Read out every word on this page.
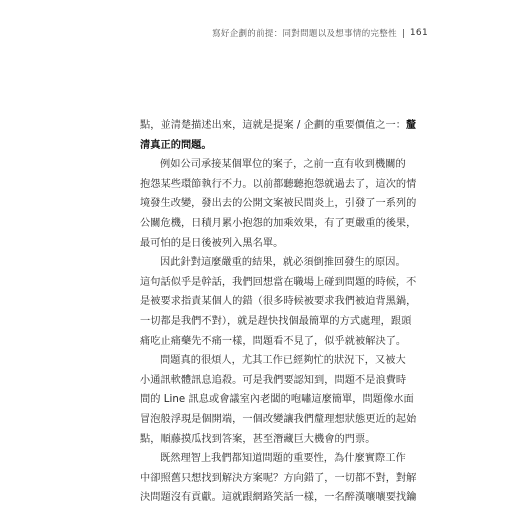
寫好企劃的前提：同對問題以及想事情的完整性 161

點，並清楚描述出來，這就是提案 / 企劃的重要價值之一：釐
清真正的問題。

例如公司承接某個單位的案子，之前一直有收到機關的
抱怨某些環節執行不力。以前都聽聽抱怨就過去了，這次的情
境發生改變，發出去的公開文案被民間炎上，引發了一系列的
公關危機，日積月累小抱怨的加乘效果，有了更嚴重的後果，
最可怕的是日後被列入黑名單。

因此針對這麼嚴重的結果，就必須倒推回發生的原因。
這句話似乎是幹話，我們回想當在職場上碰到問題的時候，不
是被要求指責某個人的錯（很多時候被要求我們被迫背黑鍋，
一切都是我們不對），就是趕快找個最簡單的方式處理，跟頭
痛吃止痛藥先不痛一樣，問題看不見了，似乎就被解決了。

問題真的很煩人，尤其工作已經夠忙的狀況下，又被大
小通訊軟體訊息追殺。可是我們要認知到，問題不是浪費時
間的 Line 訊息或會議室內老闆的咆嘯這麼簡單，問題像水面
冒泡般浮現是個開端，一個改變讓我們釐理想狀態更近的起始
點，順藤摸瓜找到答案，甚至潛藏巨大機會的門票。

既然理智上我們都知道問題的重要性，為什麼實際工作
中卻照舊只想找到解決方案呢？方向錯了，一切都不對，對解
決問題沒有貢獻。這就跟網路笑話一樣，一名醉漢嚷嚷要找鑰
